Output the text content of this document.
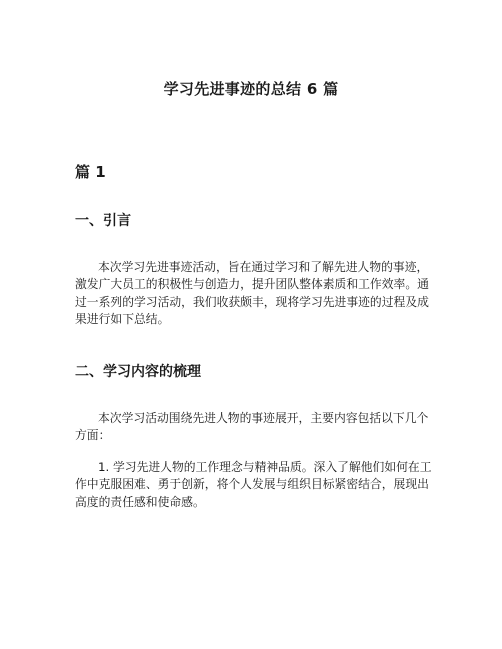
学习先进事迹的总结 6 篇
篇 1
一、引言

本次学习先进事迹活动，旨在通过学习和了解先进人物的事迹，
激发广大员工的积极性与创造力，提升团队整体素质和工作效率。通
过一系列的学习活动，我们收获颇丰，现将学习先进事迹的过程及成
果进行如下总结。

二、学习内容的梳理

本次学习活动围绕先进人物的事迹展开，主要内容包括以下几个
方面：

1. 学习先进人物的工作理念与精神品质。深入了解他们如何在工
作中克服困难、勇于创新，将个人发展与组织目标紧密结合，展现出
高度的责任感和使命感。
